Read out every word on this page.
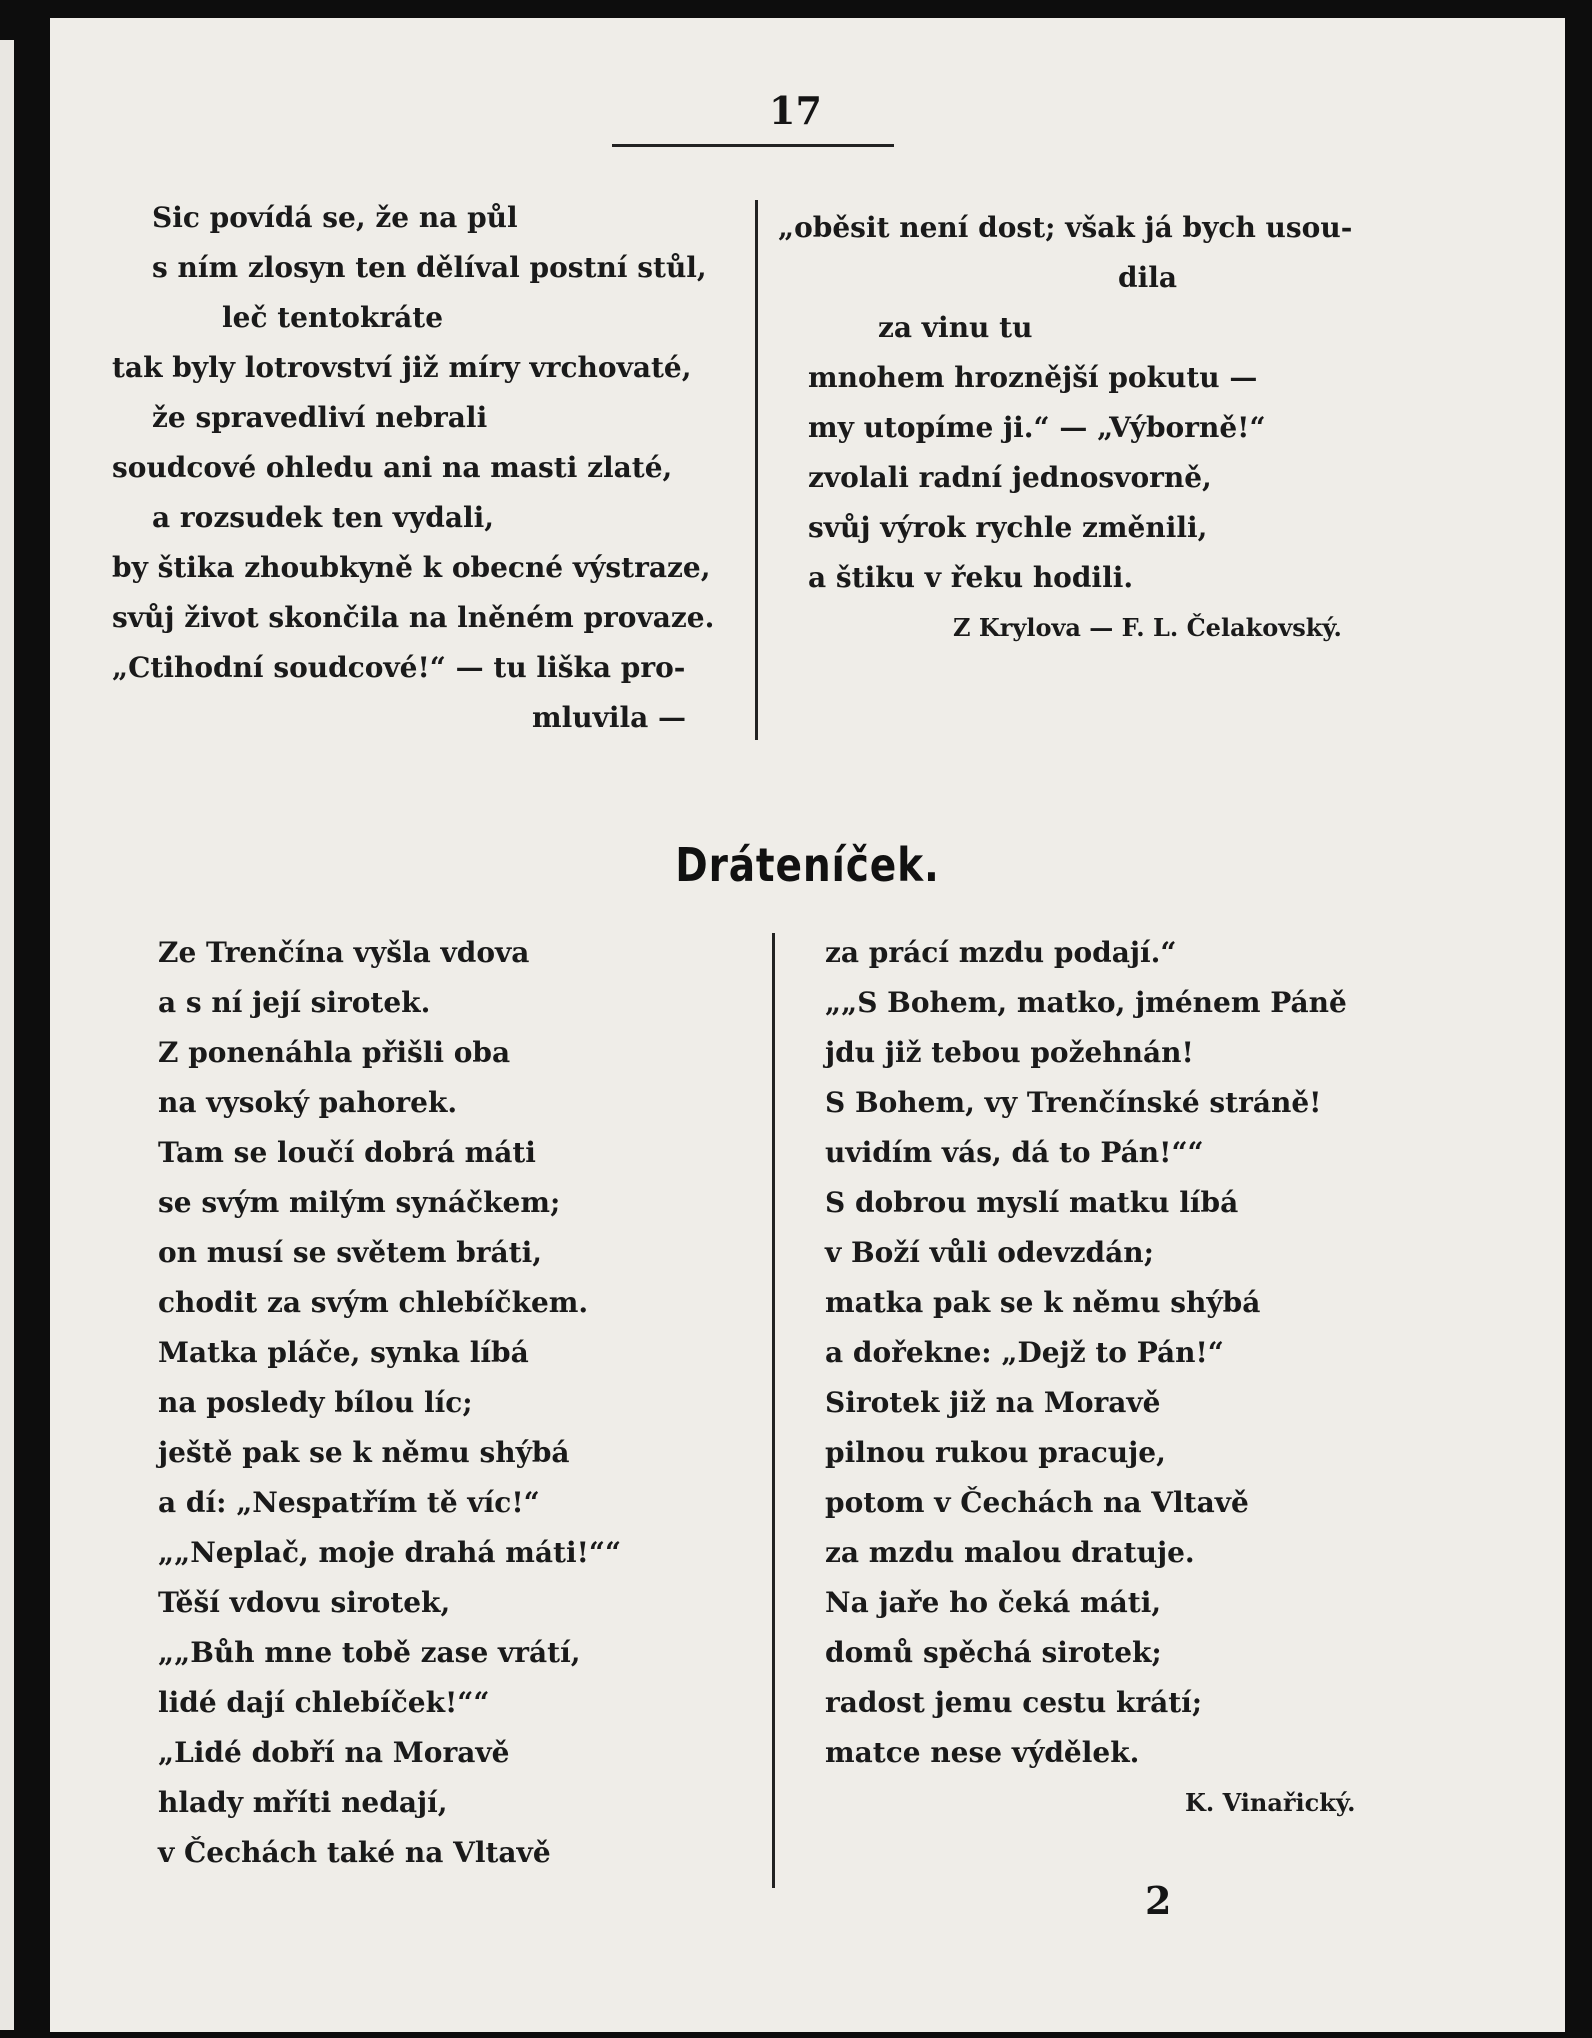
17
Sic povídá se, že na půl
s ním zlosyn ten dělíval postní stůl,
leč tentokráte
tak byly lotrovství již míry vrchovaté,
že spravedliví nebrali
soudcové ohledu ani na masti zlaté,
a rozsudek ten vydali,
by štika zhoubkyně k obecné výstraze,
svůj život skončila na lněném provaze.
„Ctihodní soudcové!“ — tu liška pro-
mluvila —
„oběsit není dost; však já bych usou-
dila
za vinu tu
mnohem hroznější pokutu —
my utopíme ji.“ — „Výborně!“
zvolali radní jednosvorně,
svůj výrok rychle změnili,
a štiku v řeku hodili.
Z Krylova — F. L. Čelakovský.
Dráteníček.
Ze Trenčína vyšla vdova
a s ní její sirotek.
Z ponenáhla přišli oba
na vysoký pahorek.
Tam se loučí dobrá máti
se svým milým synáčkem;
on musí se světem bráti,
chodit za svým chlebíčkem.
Matka pláče, synka líbá
na posledy bílou líc;
ještě pak se k němu shýbá
a dí: „Nespatřím tě víc!“
„„Neplač, moje drahá máti!““
Těší vdovu sirotek,
„„Bůh mne tobě zase vrátí,
lidé dají chlebíček!““
„Lidé dobří na Moravě
hlady mříti nedají,
v Čechách také na Vltavě
za prácí mzdu podají.“
„„S Bohem, matko, jménem Páně
jdu již tebou požehnán!
S Bohem, vy Trenčínské stráně!
uvidím vás, dá to Pán!““
S dobrou myslí matku líbá
v Boží vůli odevzdán;
matka pak se k němu shýbá
a dořekne: „Dejž to Pán!“
Sirotek již na Moravě
pilnou rukou pracuje,
potom v Čechách na Vltavě
za mzdu malou dratuje.
Na jaře ho čeká máti,
domů spěchá sirotek;
radost jemu cestu krátí;
matce nese výdělek.
K. Vinařický.
2
